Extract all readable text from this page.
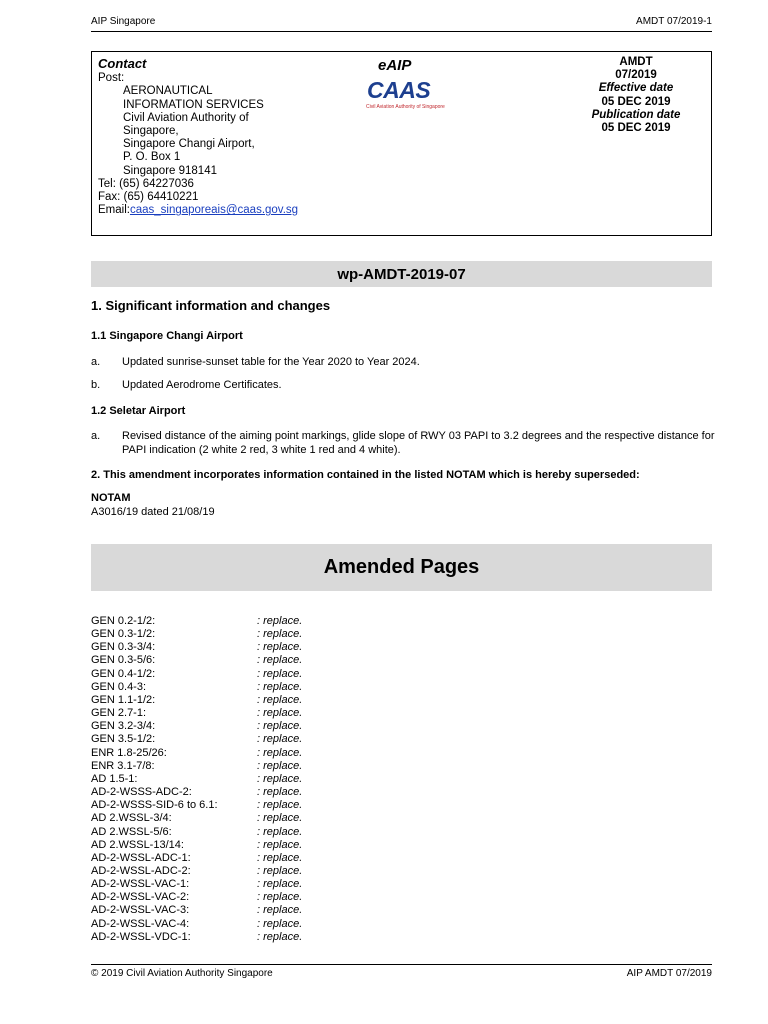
AIP Singapore	AMDT 07/2019-1
Contact
Post:
AERONAUTICAL
INFORMATION SERVICES
Civil Aviation Authority of
Singapore,
Singapore Changi Airport,
P. O. Box 1
Singapore 918141
Tel: (65) 64227036
Fax: (65) 64410221
Email:caas_singaporeais@caas.gov.sg
eAIP
CAAS
Civil Aviation Authority of Singapore
AMDT
07/2019
Effective date
05 DEC 2019
Publication date
05 DEC 2019
wp-AMDT-2019-07
1. Significant information and changes
1.1 Singapore Changi Airport
a. Updated sunrise-sunset table for the Year 2020 to Year 2024.
b. Updated Aerodrome Certificates.
1.2 Seletar Airport
a. Revised distance of the aiming point markings, glide slope of RWY 03 PAPI to 3.2 degrees and the respective distance for PAPI indication (2 white 2 red, 3 white 1 red and 4 white).
2. This amendment incorporates information contained in the listed NOTAM which is hereby superseded:
NOTAM
A3016/19 dated 21/08/19
Amended Pages
GEN 0.2-1/2:	: replace.
GEN 0.3-1/2:	: replace.
GEN 0.3-3/4:	: replace.
GEN 0.3-5/6:	: replace.
GEN 0.4-1/2:	: replace.
GEN 0.4-3:	: replace.
GEN 1.1-1/2:	: replace.
GEN 2.7-1:	: replace.
GEN 3.2-3/4:	: replace.
GEN 3.5-1/2:	: replace.
ENR 1.8-25/26:	: replace.
ENR 3.1-7/8:	: replace.
AD 1.5-1:	: replace.
AD-2-WSSS-ADC-2:	: replace.
AD-2-WSSS-SID-6 to 6.1:	: replace.
AD 2.WSSL-3/4:	: replace.
AD 2.WSSL-5/6:	: replace.
AD 2.WSSL-13/14:	: replace.
AD-2-WSSL-ADC-1:	: replace.
AD-2-WSSL-ADC-2:	: replace.
AD-2-WSSL-VAC-1:	: replace.
AD-2-WSSL-VAC-2:	: replace.
AD-2-WSSL-VAC-3:	: replace.
AD-2-WSSL-VAC-4:	: replace.
AD-2-WSSL-VDC-1:	: replace.
© 2019 Civil Aviation Authority Singapore	AIP AMDT 07/2019
